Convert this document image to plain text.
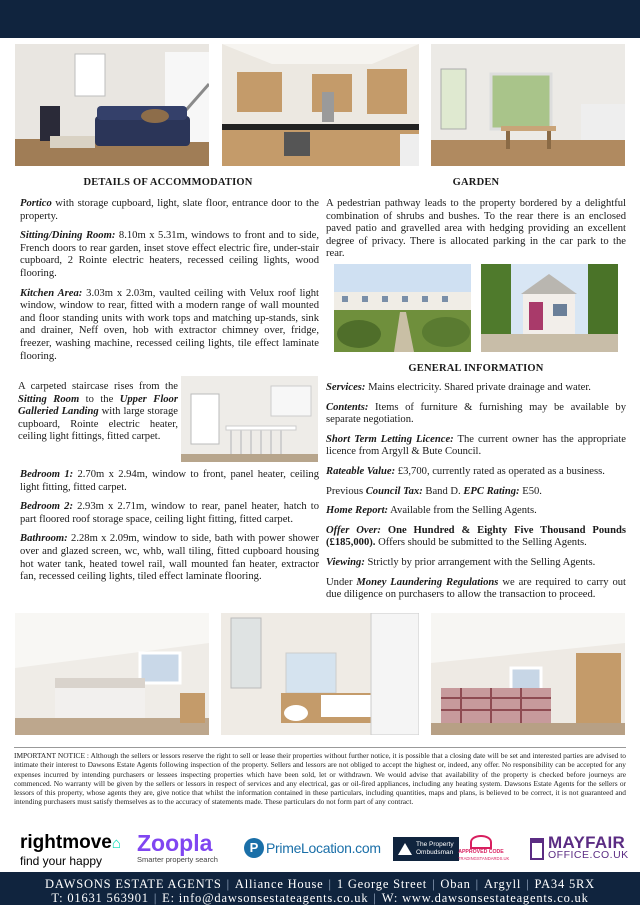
DETAILS OF ACCOMMODATION	GARDEN

Portico with storage cupboard, light, slate floor, entrance door to the property.

Sitting/Dining Room: 8.10m x 5.31m, windows to front and to side, French doors to rear garden, inset stove effect electric fire, under-stair cupboard, 2 Rointe electric heaters, recessed ceiling lights, wood flooring.

Kitchen Area: 3.03m x 2.03m, vaulted ceiling with Velux roof light window, window to rear, fitted with a modern range of wall mounted and floor standing units with work tops and matching up-stands, sink and drainer, Neff oven, hob with extractor chimney over, fridge, freezer, washing machine, recessed ceiling lights, tile effect laminate flooring.

A carpeted staircase rises from the Sitting Room to the Upper Floor Galleried Landing with large storage cupboard, Rointe electric heater, ceiling light fittings, fitted carpet.

Bedroom 1: 2.70m x 2.94m, window to front, panel heater, ceiling light fitting, fitted carpet.

Bedroom 2: 2.93m x 2.71m, window to rear, panel heater, hatch to part floored roof storage space, ceiling light fitting, fitted carpet.

Bathroom: 2.28m x 2.09m, window to side, bath with power shower over and glazed screen, wc, whb, wall tiling, fitted cupboard housing hot water tank, heated towel rail, wall mounted fan heater, extractor fan, recessed ceiling lights, tiled effect laminate flooring.

A pedestrian pathway leads to the property bordered by a delightful combination of shrubs and bushes. To the rear there is an enclosed paved patio and gravelled area with hedging providing an excellent degree of privacy. There is allocated parking in the car park to the rear.
GENERAL INFORMATION

Services: Mains electricity. Shared private drainage and water.

Contents: Items of furniture & furnishing may be available by separate negotiation.

Short Term Letting Licence: The current owner has the appropriate licence from Argyll & Bute Council.

Rateable Value: £3,700, currently rated as operated as a business.

Previous Council Tax: Band D. EPC Rating: E50.

Home Report: Available from the Selling Agents.

Offer Over: One Hundred & Eighty Five Thousand Pounds (£185,000). Offers should be submitted to the Selling Agents.

Viewing: Strictly by prior arrangement with the Selling Agents.

Under Money Laundering Regulations we are required to carry out due diligence on purchasers to allow the transaction to proceed.

IMPORTANT NOTICE : Although the sellers or lessors reserve the right to sell or lease their properties without further notice, it is possible that a closing date will be set and interested parties are advised to intimate their interest to Dawsons Estate Agents following inspection of the property. Sellers and lessors are not obliged to accept the highest or, indeed, any offer. No responsibility can be accepted for any expenses incurred by intending purchasers or lessees inspecting properties which have been sold, let or withdrawn. We would advise that availability of the property is checked before journeys are commenced. No warranty will be given by the sellers or lessors in respect of services and any electrical, gas or oil-fired appliances, including any heating system. Dawsons Estate Agents for the sellers or lessors of this property, whose agents they are, give notice that whilst the information contained in these particulars, including quantities, maps and plans, is believed to be correct, it is not guaranteed and intending purchasers must satisfy themselves as to the accuracy of statements made. These particulars do not form part of any contract.
rightmove⌂
find your happy
Zoopla
Smarter property search
P PrimeLocation.com	The Property
Ombudsman APPROVED CODE
TRADINGSTANDARDS.UK
MAYFAIR
OFFICE.CO.UK
DAWSONS ESTATE AGENTS | Alliance House | 1 George Street | Oban | Argyll | PA34 5RX
T: 01631 563901 | E: info@dawsonsestateagents.co.uk | W: www.dawsonsestateagents.co.uk
